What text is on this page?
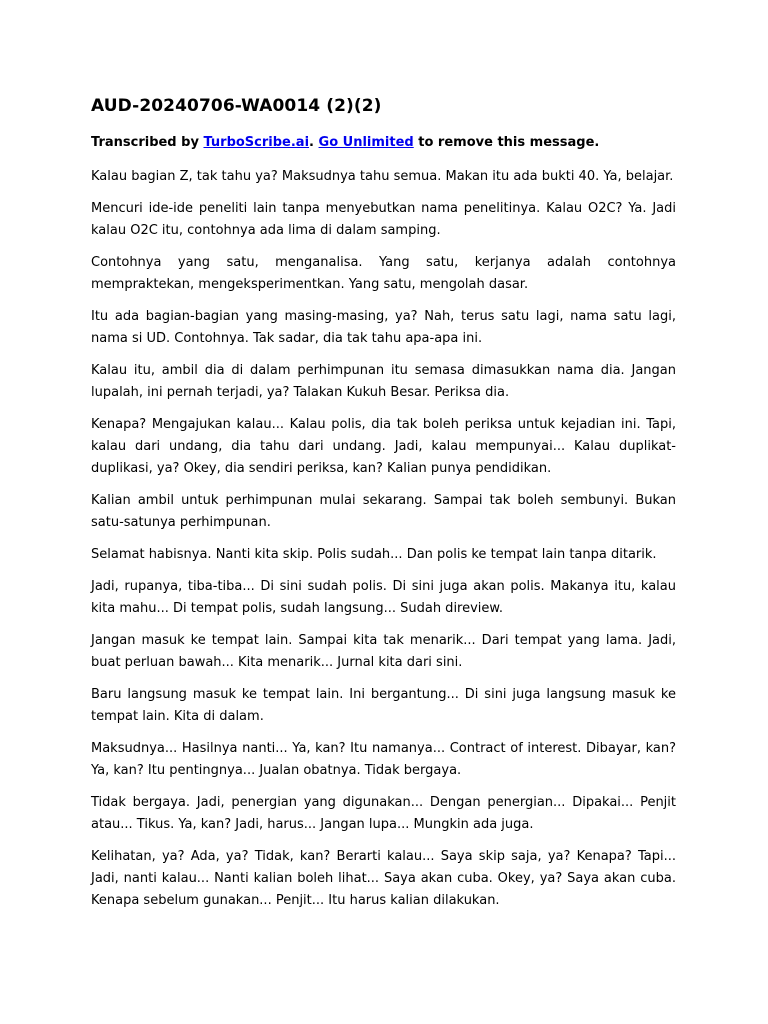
AUD-20240706-WA0014 (2)(2)

Transcribed by TurboScribe.ai. Go Unlimited to remove this message.

Kalau bagian Z, tak tahu ya? Maksudnya tahu semua. Makan itu ada bukti 40. Ya, belajar.

Mencuri ide-ide peneliti lain tanpa menyebutkan nama penelitinya. Kalau O2C? Ya. Jadi kalau O2C itu, contohnya ada lima di dalam samping.

Contohnya yang satu, menganalisa. Yang satu, kerjanya adalah contohnya mempraktekan, mengeksperimentkan. Yang satu, mengolah dasar.

Itu ada bagian-bagian yang masing-masing, ya? Nah, terus satu lagi, nama satu lagi, nama si UD. Contohnya. Tak sadar, dia tak tahu apa-apa ini.

Kalau itu, ambil dia di dalam perhimpunan itu semasa dimasukkan nama dia. Jangan lupalah, ini pernah terjadi, ya? Talakan Kukuh Besar. Periksa dia.

Kenapa? Mengajukan kalau... Kalau polis, dia tak boleh periksa untuk kejadian ini. Tapi, kalau dari undang, dia tahu dari undang. Jadi, kalau mempunyai... Kalau duplikat-duplikasi, ya? Okey, dia sendiri periksa, kan? Kalian punya pendidikan.

Kalian ambil untuk perhimpunan mulai sekarang. Sampai tak boleh sembunyi. Bukan satu-satunya perhimpunan.

Selamat habisnya. Nanti kita skip. Polis sudah... Dan polis ke tempat lain tanpa ditarik.

Jadi, rupanya, tiba-tiba... Di sini sudah polis. Di sini juga akan polis. Makanya itu, kalau kita mahu... Di tempat polis, sudah langsung... Sudah direview.

Jangan masuk ke tempat lain. Sampai kita tak menarik... Dari tempat yang lama. Jadi, buat perluan bawah... Kita menarik... Jurnal kita dari sini.

Baru langsung masuk ke tempat lain. Ini bergantung... Di sini juga langsung masuk ke tempat lain. Kita di dalam.

Maksudnya... Hasilnya nanti... Ya, kan? Itu namanya... Contract of interest. Dibayar, kan? Ya, kan? Itu pentingnya... Jualan obatnya. Tidak bergaya.

Tidak bergaya. Jadi, penergian yang digunakan... Dengan penergian... Dipakai... Penjit atau... Tikus. Ya, kan? Jadi, harus... Jangan lupa... Mungkin ada juga.

Kelihatan, ya? Ada, ya? Tidak, kan? Berarti kalau... Saya skip saja, ya? Kenapa? Tapi... Jadi, nanti kalau... Nanti kalian boleh lihat... Saya akan cuba. Okey, ya? Saya akan cuba. Kenapa sebelum gunakan... Penjit... Itu harus kalian dilakukan.
